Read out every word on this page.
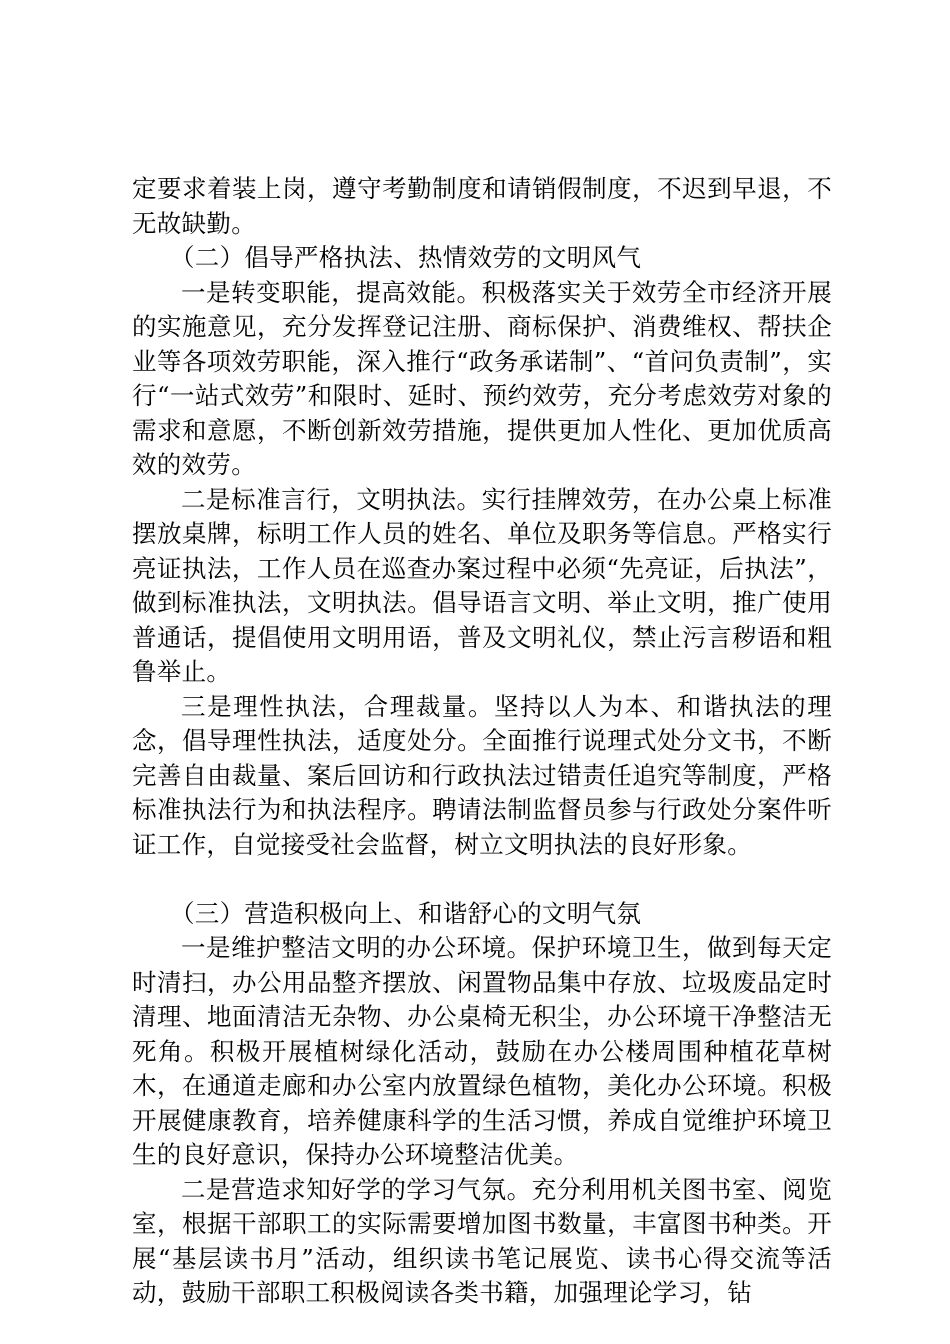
定要求着装上岗，遵守考勤制度和请销假制度，不迟到早退，不无故缺勤。

（二）倡导严格执法、热情效劳的文明风气

一是转变职能，提高效能。积极落实关于效劳全市经济开展的实施意见，充分发挥登记注册、商标保护、消费维权、帮扶企业等各项效劳职能，深入推行“政务承诺制”、“首问负责制”，实行“一站式效劳”和限时、延时、预约效劳，充分考虑效劳对象的需求和意愿，不断创新效劳措施，提供更加人性化、更加优质高效的效劳。

二是标准言行，文明执法。实行挂牌效劳，在办公桌上标准摆放桌牌，标明工作人员的姓名、单位及职务等信息。严格实行亮证执法，工作人员在巡查办案过程中必须“先亮证，后执法”，做到标准执法，文明执法。倡导语言文明、举止文明，推广使用普通话，提倡使用文明用语，普及文明礼仪，禁止污言秽语和粗鲁举止。

三是理性执法，合理裁量。坚持以人为本、和谐执法的理念，倡导理性执法，适度处分。全面推行说理式处分文书，不断完善自由裁量、案后回访和行政执法过错责任追究等制度，严格标准执法行为和执法程序。聘请法制监督员参与行政处分案件听证工作，自觉接受社会监督，树立文明执法的良好形象。

（三）营造积极向上、和谐舒心的文明气氛

一是维护整洁文明的办公环境。保护环境卫生，做到每天定时清扫，办公用品整齐摆放、闲置物品集中存放、垃圾废品定时清理、地面清洁无杂物、办公桌椅无积尘，办公环境干净整洁无死角。积极开展植树绿化活动，鼓励在办公楼周围种植花草树木，在通道走廊和办公室内放置绿色植物，美化办公环境。积极开展健康教育，培养健康科学的生活习惯，养成自觉维护环境卫生的良好意识，保持办公环境整洁优美。

二是营造求知好学的学习气氛。充分利用机关图书室、阅览室，根据干部职工的实际需要增加图书数量，丰富图书种类。开展“基层读书月”活动，组织读书笔记展览、读书心得交流等活动，鼓励干部职工积极阅读各类书籍，加强理论学习，钻
